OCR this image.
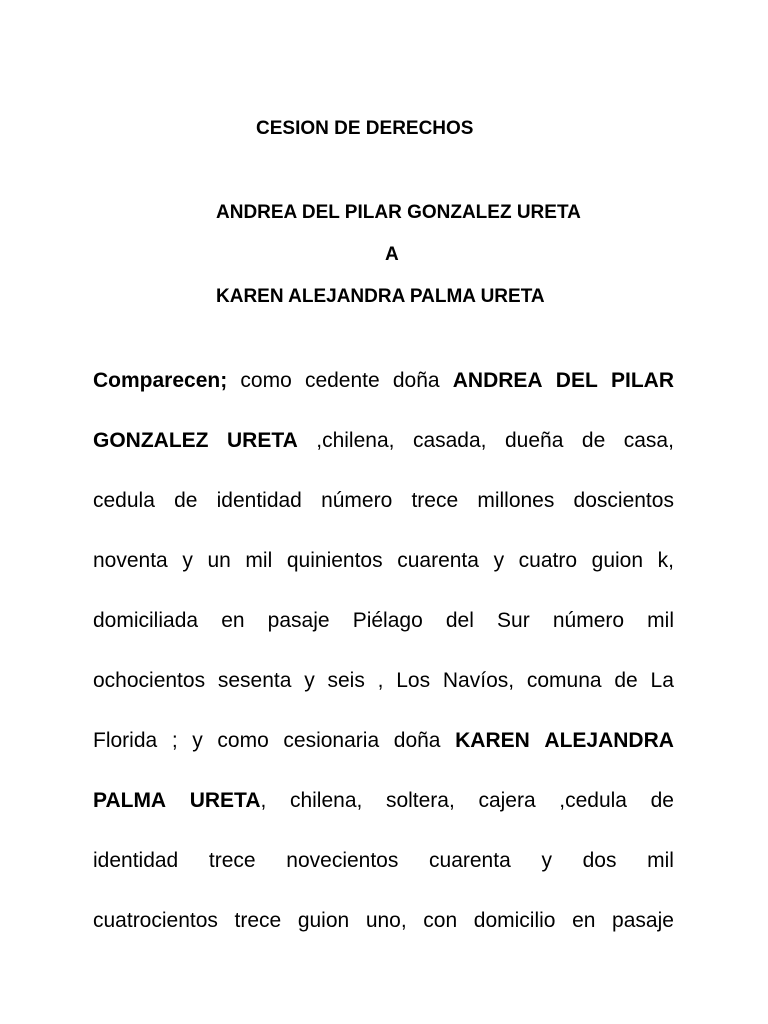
CESION DE DERECHOS
ANDREA DEL PILAR GONZALEZ URETA
A
KAREN ALEJANDRA PALMA URETA
Comparecen; como cedente doña ANDREA DEL PILAR
GONZALEZ URETA ,chilena, casada, dueña de casa,
cedula de identidad número trece millones doscientos
noventa y un mil quinientos cuarenta y cuatro guion k,
domiciliada en pasaje Piélago del Sur número mil
ochocientos sesenta y seis , Los Navíos, comuna de La
Florida ; y como cesionaria doña KAREN ALEJANDRA
PALMA URETA, chilena, soltera, cajera ,cedula de
identidad trece novecientos cuarenta y dos mil
cuatrocientos trece guion uno, con domicilio en pasaje
